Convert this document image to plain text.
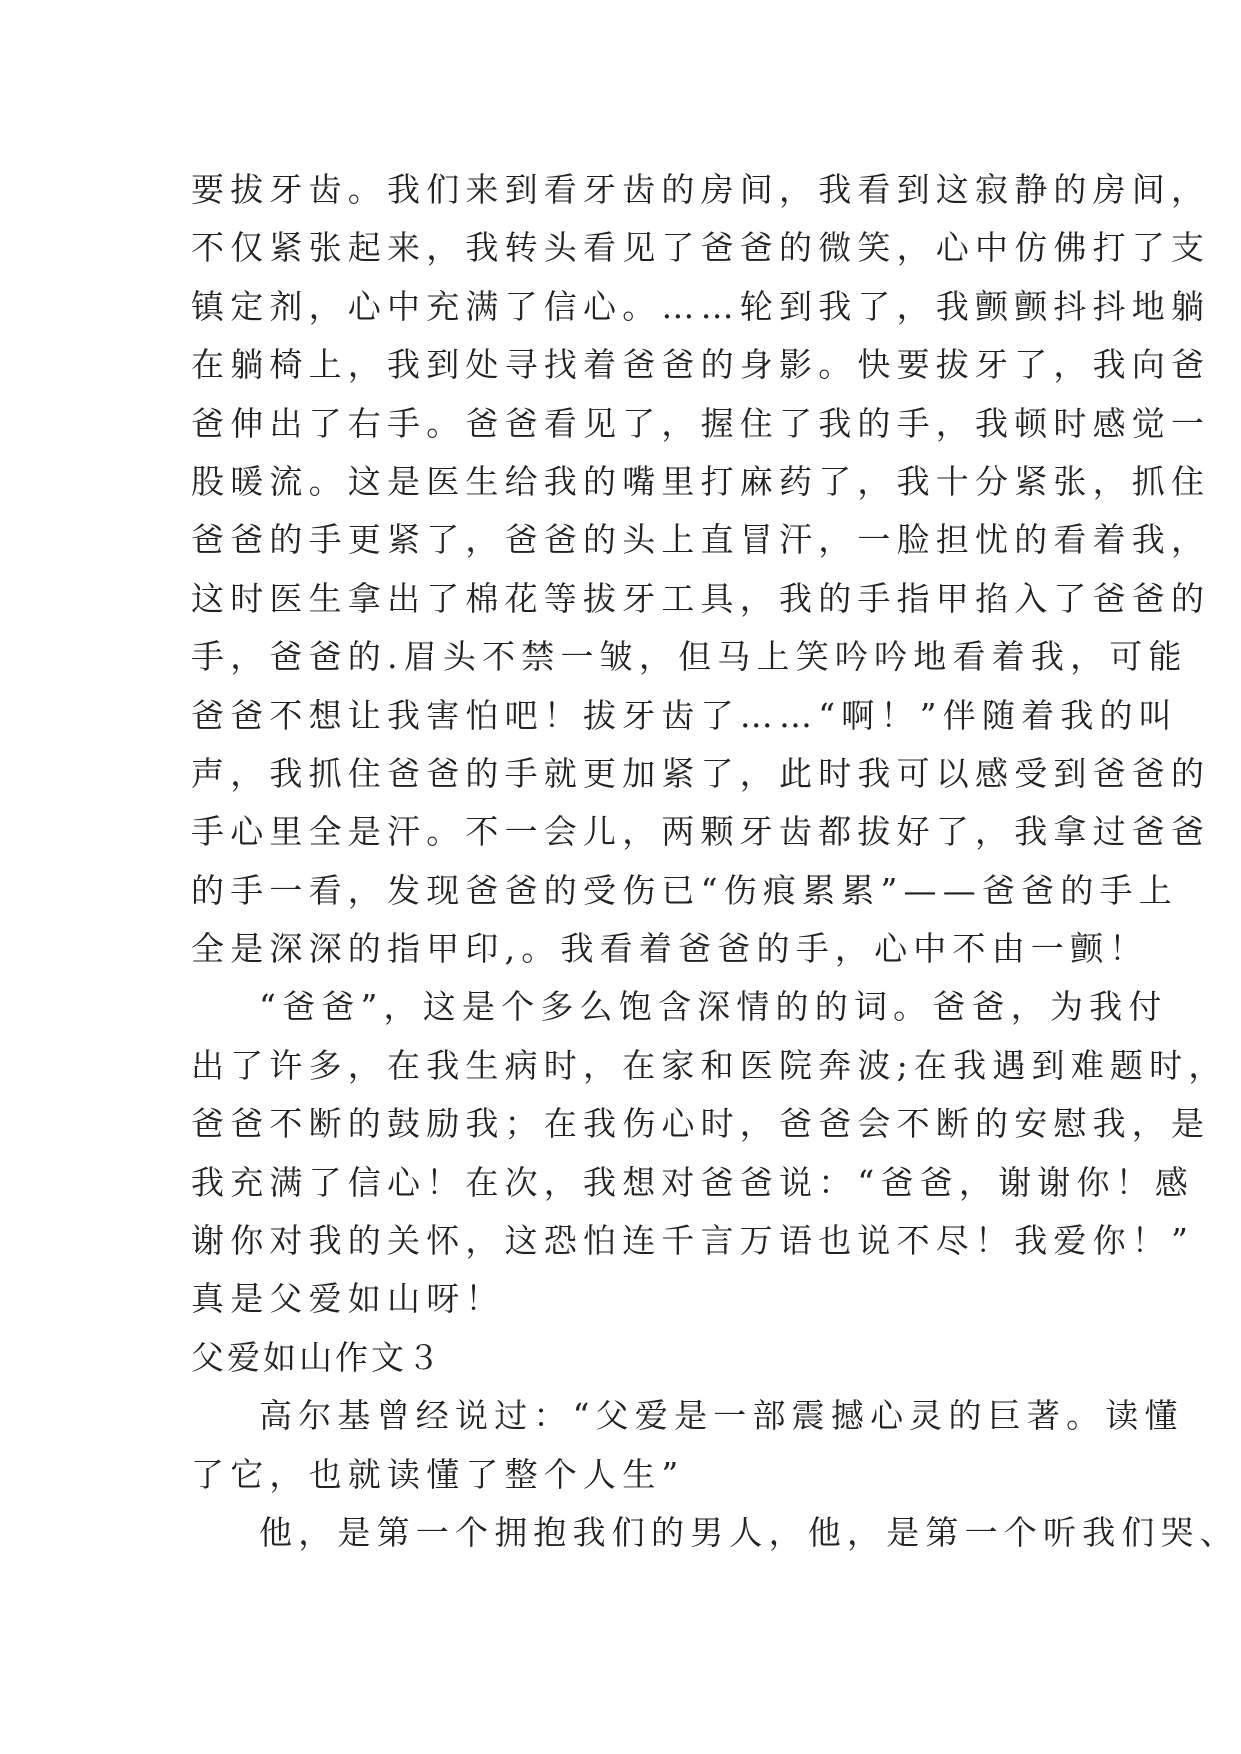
要拔牙齿。我们来到看牙齿的房间，我看到这寂静的房间，
不仅紧张起来，我转头看见了爸爸的微笑，心中仿佛打了支
镇定剂，心中充满了信心。……轮到我了，我颤颤抖抖地躺
在躺椅上，我到处寻找着爸爸的身影。快要拔牙了，我向爸
爸伸出了右手。爸爸看见了，握住了我的手，我顿时感觉一
股暖流。这是医生给我的嘴里打麻药了，我十分紧张，抓住
爸爸的手更紧了，爸爸的头上直冒汗，一脸担忧的看着我，
这时医生拿出了棉花等拔牙工具，我的手指甲掐入了爸爸的
手，爸爸的.眉头不禁一皱，但马上笑吟吟地看着我，可能
爸爸不想让我害怕吧！拔牙齿了……“啊！”伴随着我的叫
声，我抓住爸爸的手就更加紧了，此时我可以感受到爸爸的
手心里全是汗。不一会儿，两颗牙齿都拔好了，我拿过爸爸
的手一看，发现爸爸的受伤已“伤痕累累”——爸爸的手上
全是深深的指甲印,。我看着爸爸的手，心中不由一颤！
“爸爸”，这是个多么饱含深情的的词。爸爸，为我付
出了许多，在我生病时，在家和医院奔波;在我遇到难题时，
爸爸不断的鼓励我；在我伤心时，爸爸会不断的安慰我，是
我充满了信心！在次，我想对爸爸说：“爸爸，谢谢你！感
谢你对我的关怀，这恐怕连千言万语也说不尽！我爱你！”
真是父爱如山呀！
父爱如山作文３
高尔基曾经说过：“父爱是一部震撼心灵的巨著。读懂
了它，也就读懂了整个人生”
他，是第一个拥抱我们的男人，他，是第一个听我们哭、
